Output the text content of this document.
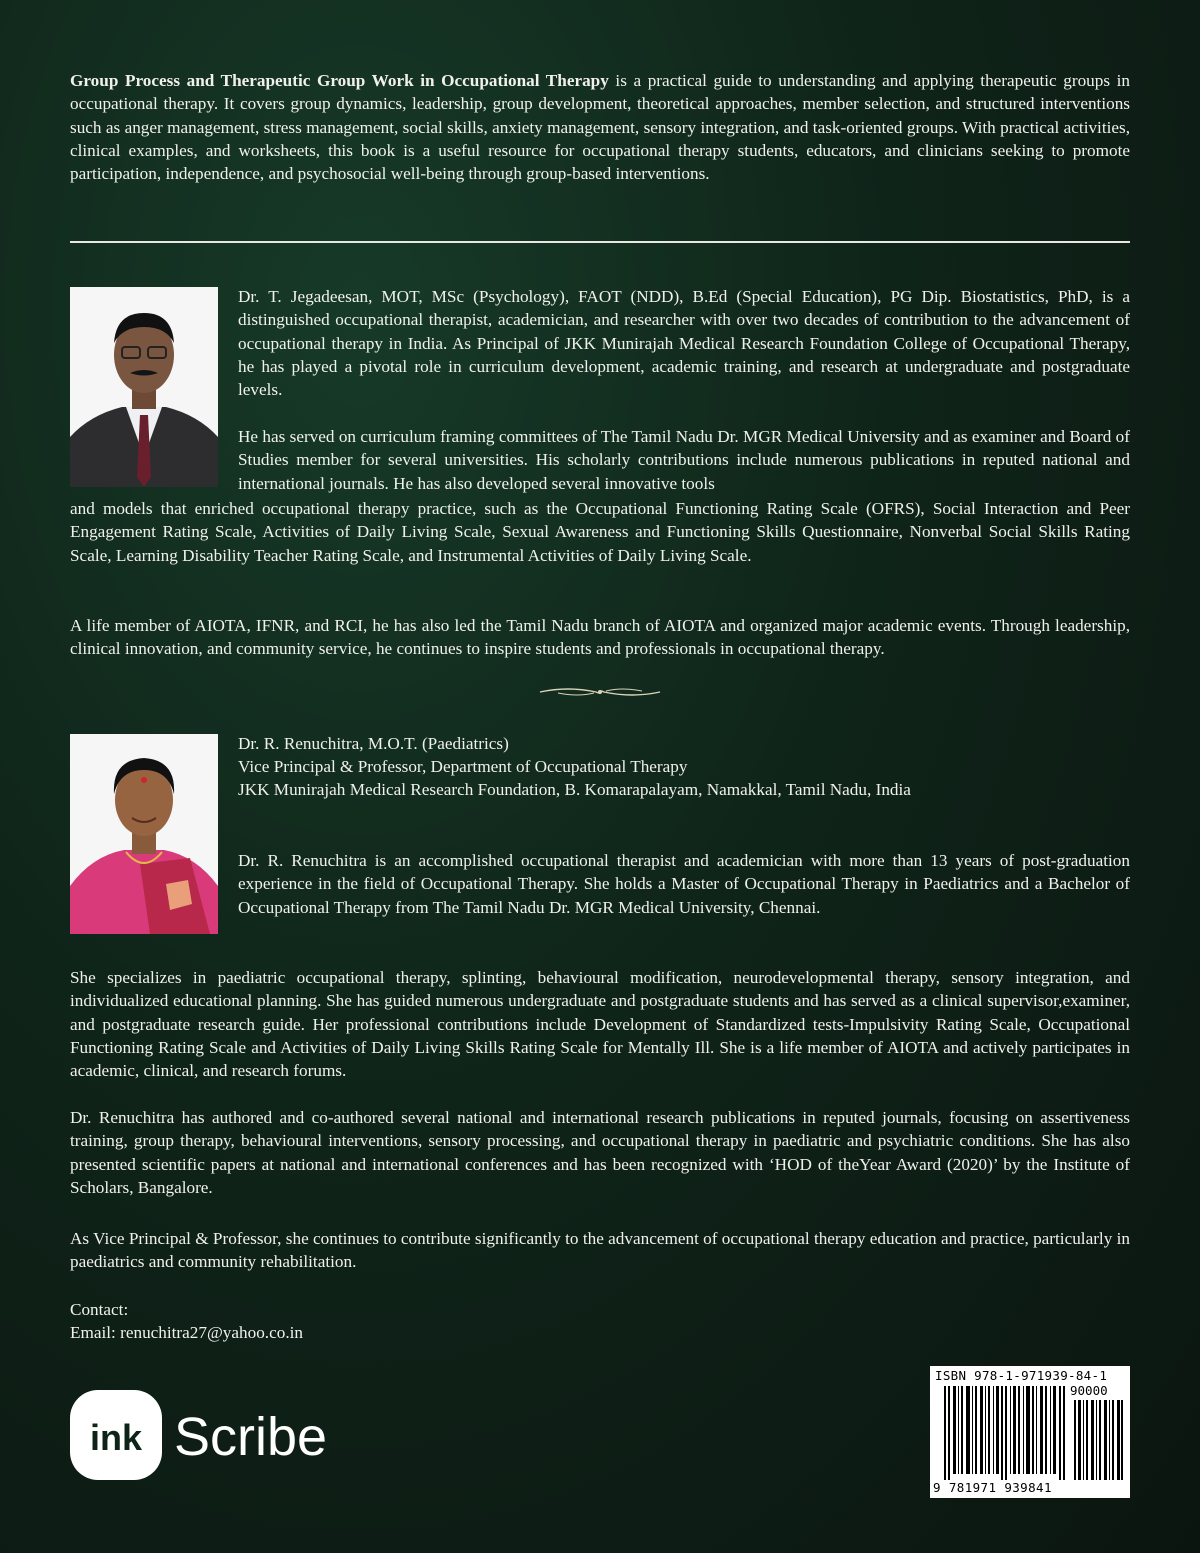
Group Process and Therapeutic Group Work in Occupational Therapy is a practical guide to understanding and applying therapeutic groups in occupational therapy. It covers group dynamics, leadership, group development, theoretical approaches, member selection, and structured interventions such as anger management, stress management, social skills, anxiety management, sensory integration, and task-oriented groups. With practical activities, clinical examples, and worksheets, this book is a useful resource for occupational therapy students, educators, and clinicians seeking to promote participation, independence, and psychosocial well-being through group-based interventions.

Dr. T. Jegadeesan, MOT, MSc (Psychology), FAOT (NDD), B.Ed (Special Education), PG Dip. Biostatistics, PhD, is a distinguished occupational therapist, academician, and researcher with over two decades of contribution to the advancement of occupational therapy in India. As Principal of JKK Munirajah Medical Research Foundation College of Occupational Therapy, he has played a pivotal role in curriculum development, academic training, and research at undergraduate and postgraduate levels.

He has served on curriculum framing committees of The Tamil Nadu Dr. MGR Medical University and as examiner and Board of Studies member for several universities. His scholarly contributions include numerous publications in reputed national and international journals. He has also developed several innovative tools

and models that enriched occupational therapy practice, such as the Occupational Functioning Rating Scale (OFRS), Social Interaction and Peer Engagement Rating Scale, Activities of Daily Living Scale, Sexual Awareness and Functioning Skills Questionnaire, Nonverbal Social Skills Rating Scale, Learning Disability Teacher Rating Scale, and Instrumental Activities of Daily Living Scale.

A life member of AIOTA, IFNR, and RCI, he has also led the Tamil Nadu branch of AIOTA and organized major academic events. Through leadership, clinical innovation, and community service, he continues to inspire students and professionals in occupational therapy.

Dr. R. Renuchitra, M.O.T. (Paediatrics)

Vice Principal & Professor, Department of Occupational Therapy

JKK Munirajah Medical Research Foundation, B. Komarapalayam, Namakkal, Tamil Nadu, India

Dr. R. Renuchitra is an accomplished occupational therapist and academician with more than 13 years of post-graduation experience in the field of Occupational Therapy. She holds a Master of Occupational Therapy in Paediatrics and a Bachelor of Occupational Therapy from The Tamil Nadu Dr. MGR Medical University, Chennai.

She specializes in paediatric occupational therapy, splinting, behavioural modification, neurodevelopmental therapy, sensory integration, and individualized educational planning. She has guided numerous undergraduate and postgraduate students and has served as a clinical supervisor,examiner, and postgraduate research guide. Her professional contributions include Development of Standardized tests-Impulsivity Rating Scale, Occupational Functioning Rating Scale and Activities of Daily Living Skills Rating Scale for Mentally Ill. She is a life member of AIOTA and actively participates in academic, clinical, and research forums.

Dr. Renuchitra has authored and co-authored several national and international research publications in reputed journals, focusing on assertiveness training, group therapy, behavioural interventions, sensory processing, and occupational therapy in paediatric and psychiatric conditions. She has also presented scientific papers at national and international conferences and has been recognized with ‘HOD of theYear Award (2020)’ by the Institute of Scholars, Bangalore.

As Vice Principal & Professor, she continues to contribute significantly to the advancement of occupational therapy education and practice, particularly in paediatrics and community rehabilitation.

Contact:

Email: renuchitra27@yahoo.co.in

ISBN 978-1-971939-84-1
90000
9 781971 939841
ink Scribe
